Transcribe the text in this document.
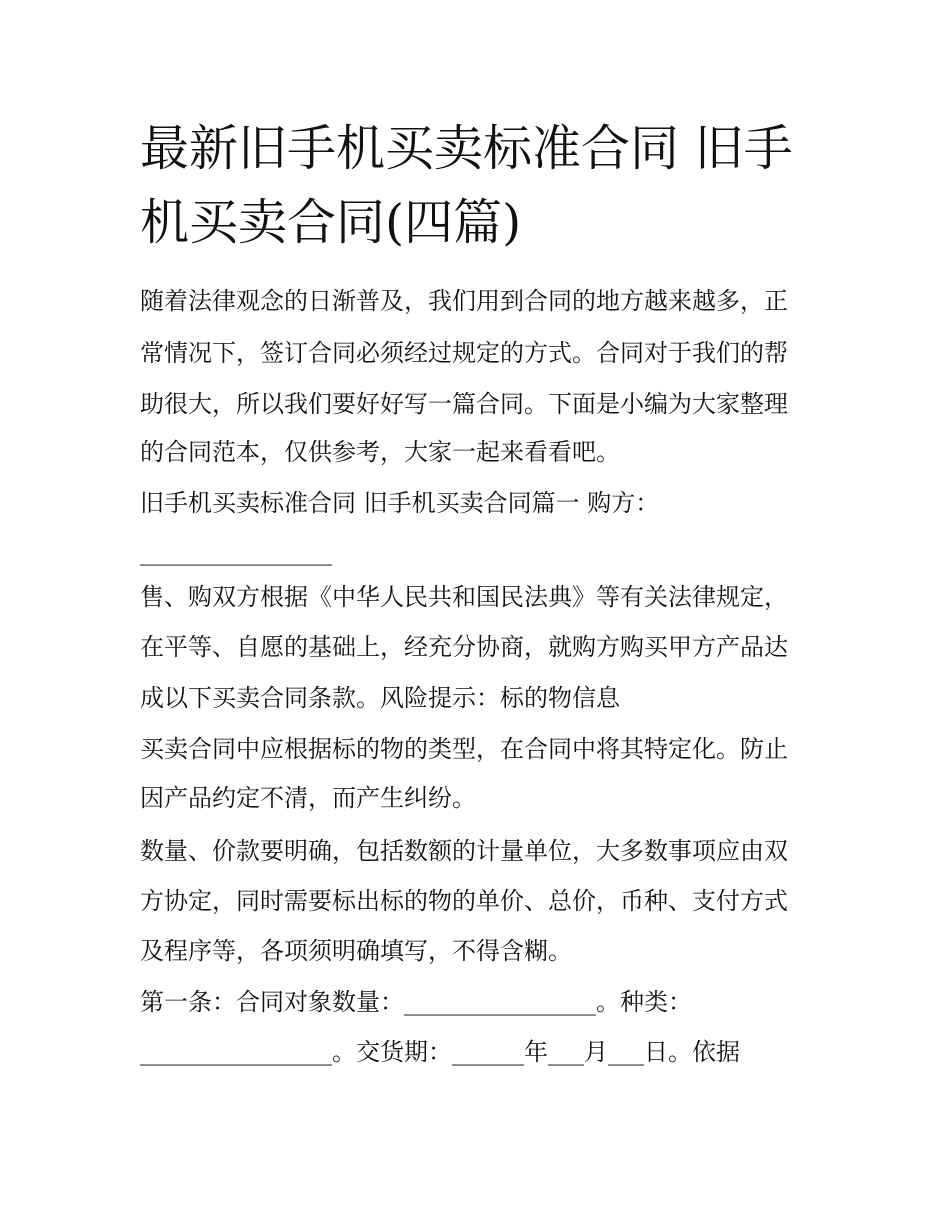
最新旧手机买卖标准合同 旧手机买卖合同(四篇)
随着法律观念的日渐普及，我们用到合同的地方越来越多，正
常情况下，签订合同必须经过规定的方式。合同对于我们的帮
助很大，所以我们要好好写一篇合同。下面是小编为大家整理
的合同范本，仅供参考，大家一起来看看吧。
旧手机买卖标准合同 旧手机买卖合同篇一 购方：
________________
售、购双方根据《中华人民共和国民法典》等有关法律规定，
在平等、自愿的基础上，经充分协商，就购方购买甲方产品达
成以下买卖合同条款。风险提示：标的物信息
买卖合同中应根据标的物的类型，在合同中将其特定化。防止
因产品约定不清，而产生纠纷。
数量、价款要明确，包括数额的计量单位，大多数事项应由双
方协定，同时需要标出标的物的单价、总价，币种、支付方式
及程序等，各项须明确填写，不得含糊。
第一条：合同对象数量：________________。种类：
________________。交货期：______年___月___日。依据
